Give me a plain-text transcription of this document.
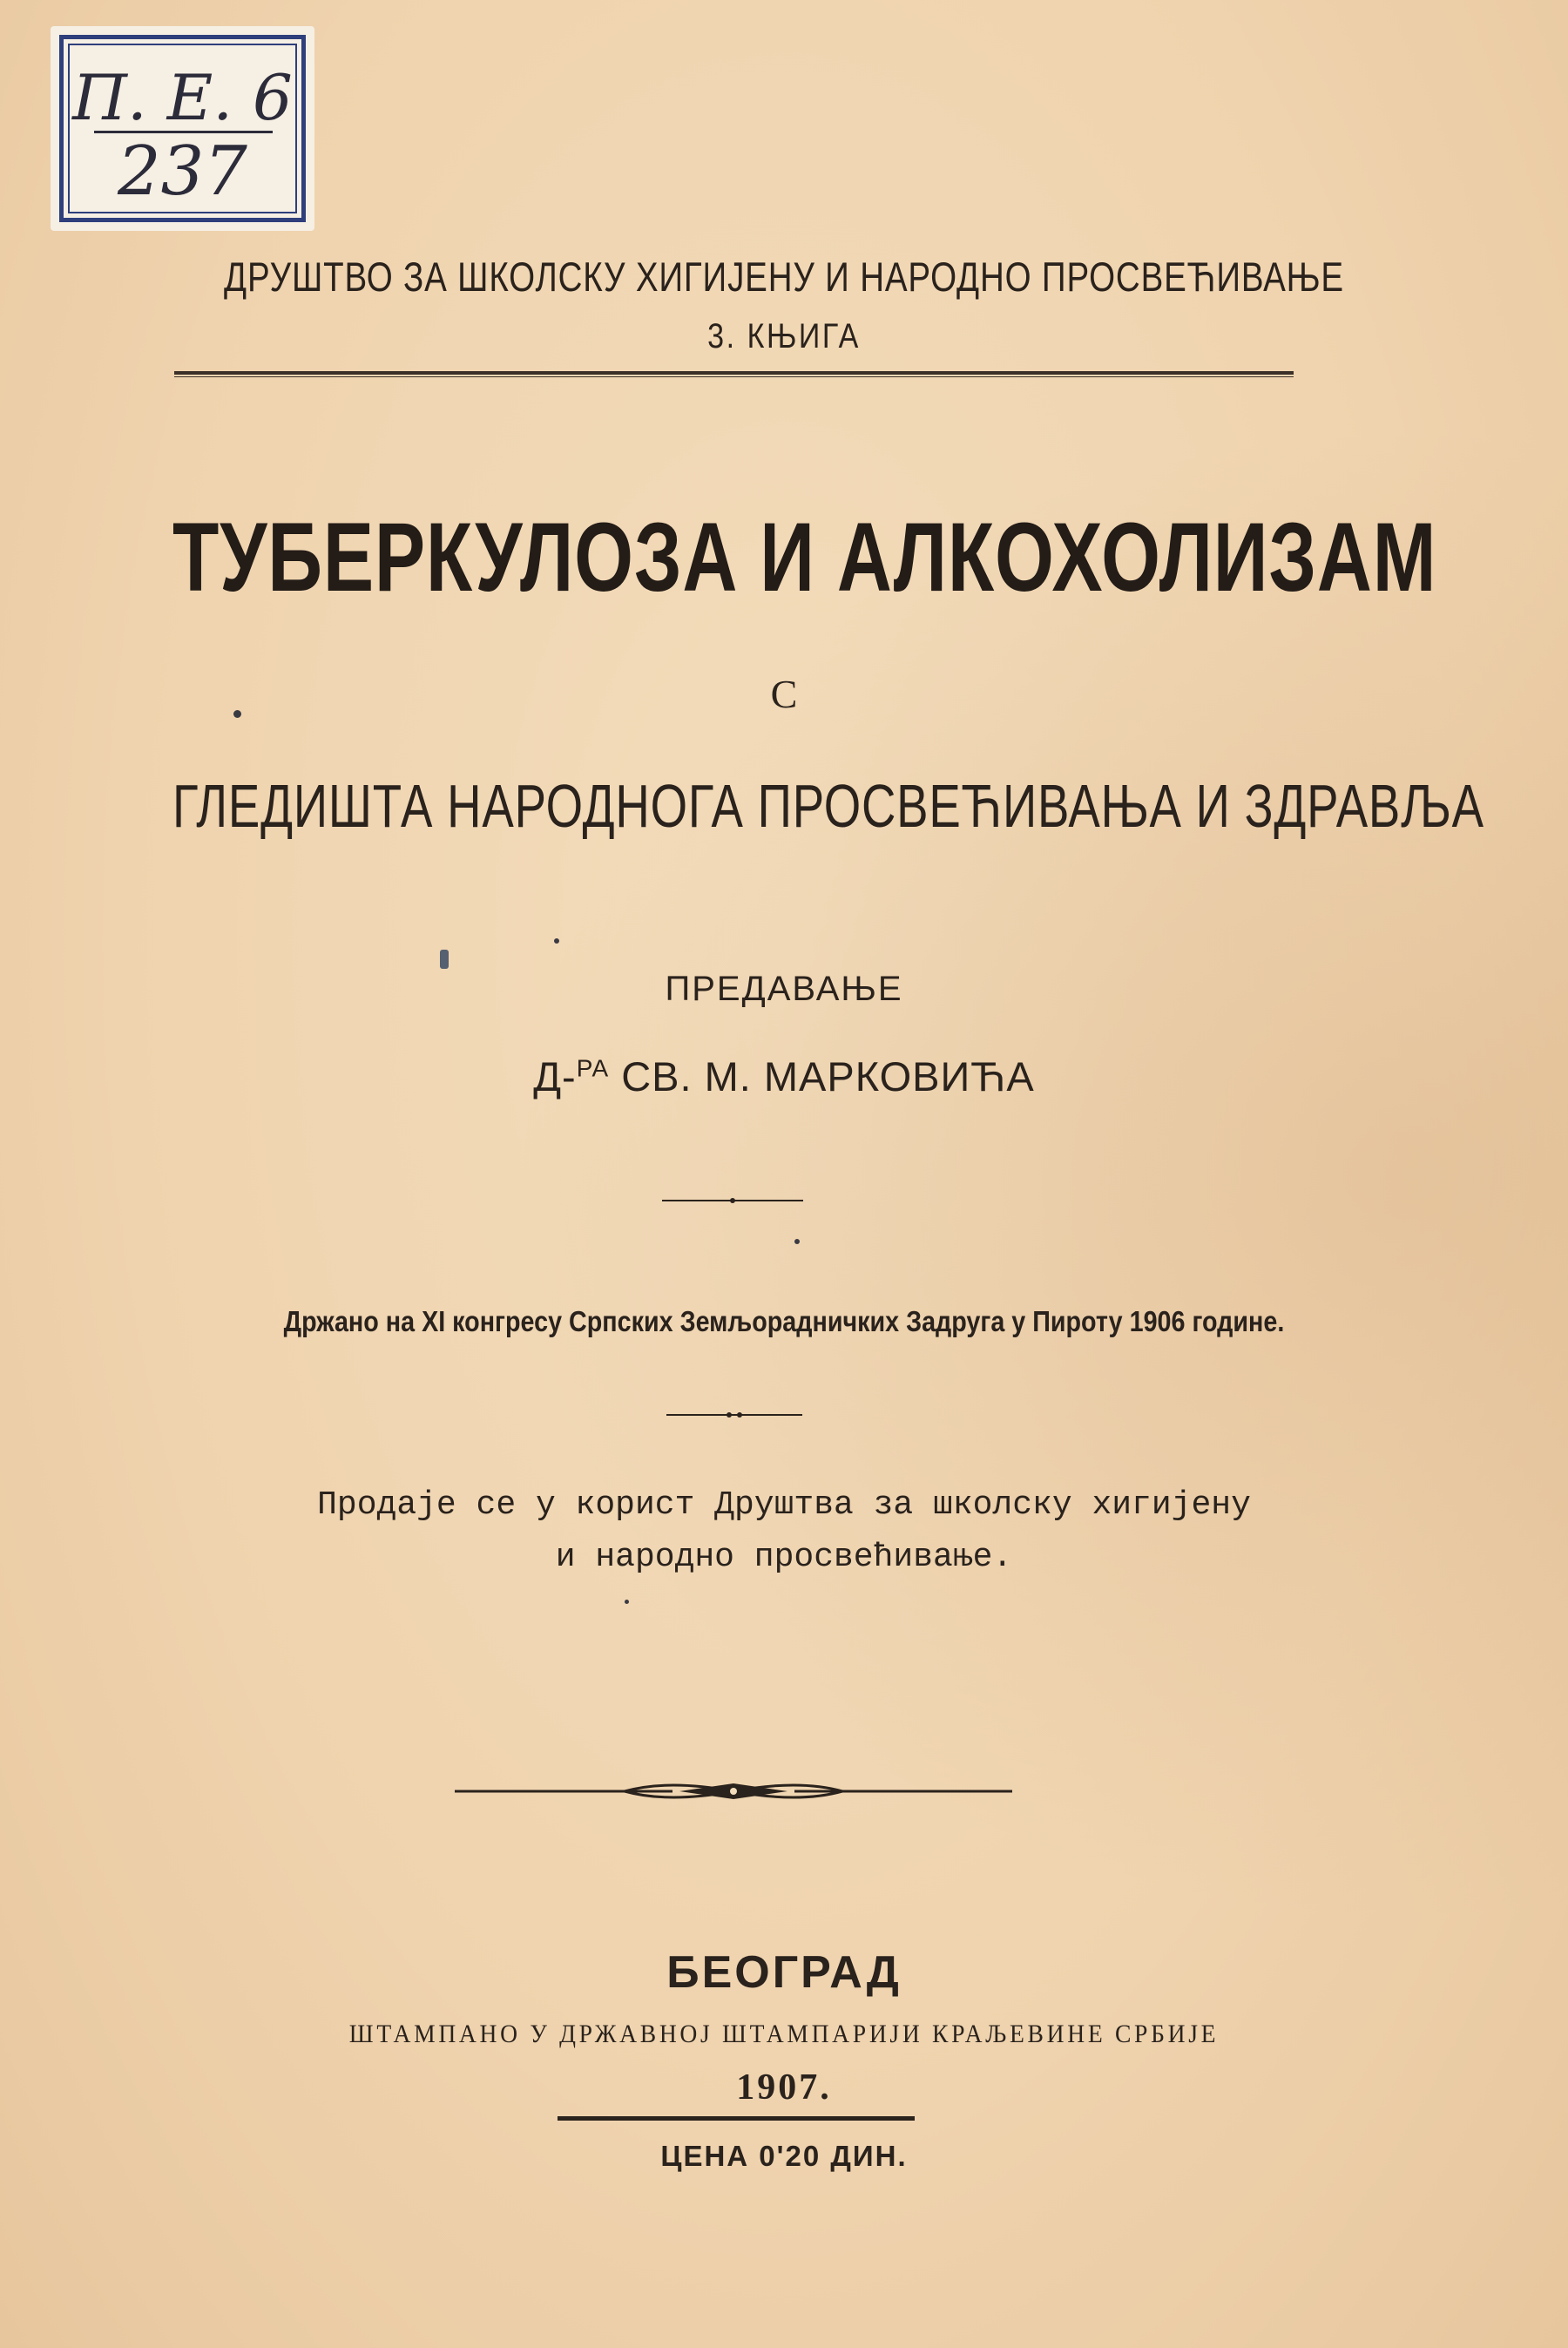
П. Е. 6
237
ДРУШТВО ЗА ШКОЛСКУ ХИГИЈЕНУ И НАРОДНО ПРОСВЕЋИВАЊЕ
3. КЊИГА
ТУБЕРКУЛОЗА И АЛКОХОЛИЗАМ
С
ГЛЕДИШТА НАРОДНОГА ПРОСВЕЋИВАЊА И ЗДРАВЉА
ПРЕДАВАЊЕ
Д-$^{РА}$ СВ. М. МАРКОВИЋА
Држано на XI конгресу Српских Земљорадничких Задруга у Пироту 1906 године.
Продаје се у корист Друштва за школску хигијену
и народно просвећивање.
БЕОГРАД
ШТАМПАНО У ДРЖАВНОЈ ШТАМПАРИЈИ КРАЉЕВИНЕ СРБИЈЕ
1907.
ЦЕНА 0'20 ДИН.
